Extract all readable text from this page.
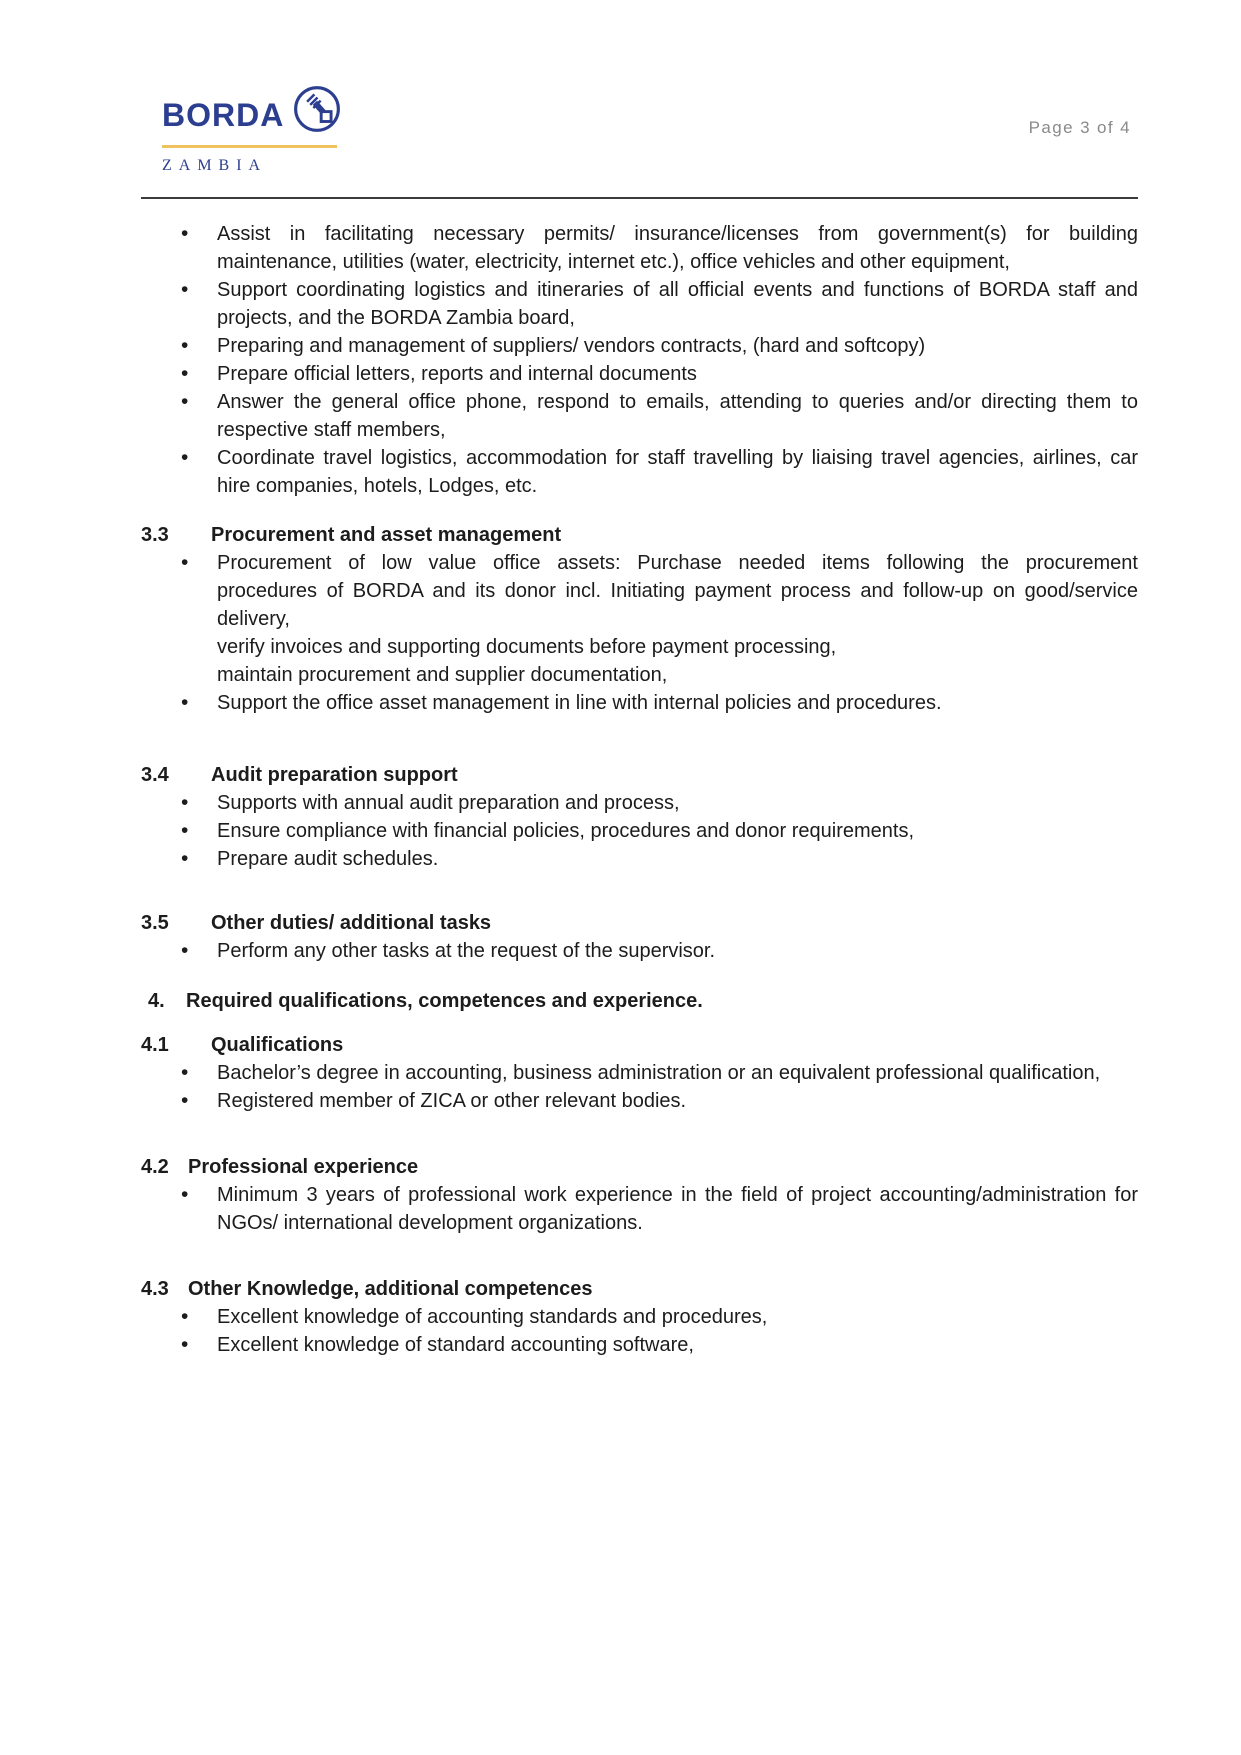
BORDA
ZAMBIA
Page 3 of 4
• Assist in facilitating necessary permits/ insurance/licenses from government(s) for building maintenance, utilities (water, electricity, internet etc.), office vehicles and other equipment,
• Support coordinating logistics and itineraries of all official events and functions of BORDA staff and projects, and the BORDA Zambia board,
• Preparing and management of suppliers/ vendors contracts, (hard and softcopy)
• Prepare official letters, reports and internal documents
• Answer the general office phone, respond to emails, attending to queries and/or directing them to respective staff members,
• Coordinate travel logistics, accommodation for staff travelling by liaising travel agencies, airlines, car hire companies, hotels, Lodges, etc.
3.3	Procurement and asset management
• Procurement of low value office assets: Purchase needed items following the procurement
procedures of BORDA and its donor incl. Initiating payment process and follow-up on good/service
delivery,
verify invoices and supporting documents before payment processing,
maintain procurement and supplier documentation,
• Support the office asset management in line with internal policies and procedures.
3.4	Audit preparation support
• Supports with annual audit preparation and process,
• Ensure compliance with financial policies, procedures and donor requirements,
• Prepare audit schedules.
3.5	Other duties/ additional tasks
• Perform any other tasks at the request of the supervisor.
4.	Required qualifications, competences and experience.
4.1	Qualifications
• Bachelor’s degree in accounting, business administration or an equivalent professional qualification,
• Registered member of ZICA or other relevant bodies.
4.2 Professional experience
• Minimum 3 years of professional work experience in the field of project accounting/administration for NGOs/ international development organizations.
4.3 Other Knowledge, additional competences
• Excellent knowledge of accounting standards and procedures,
• Excellent knowledge of standard accounting software,
